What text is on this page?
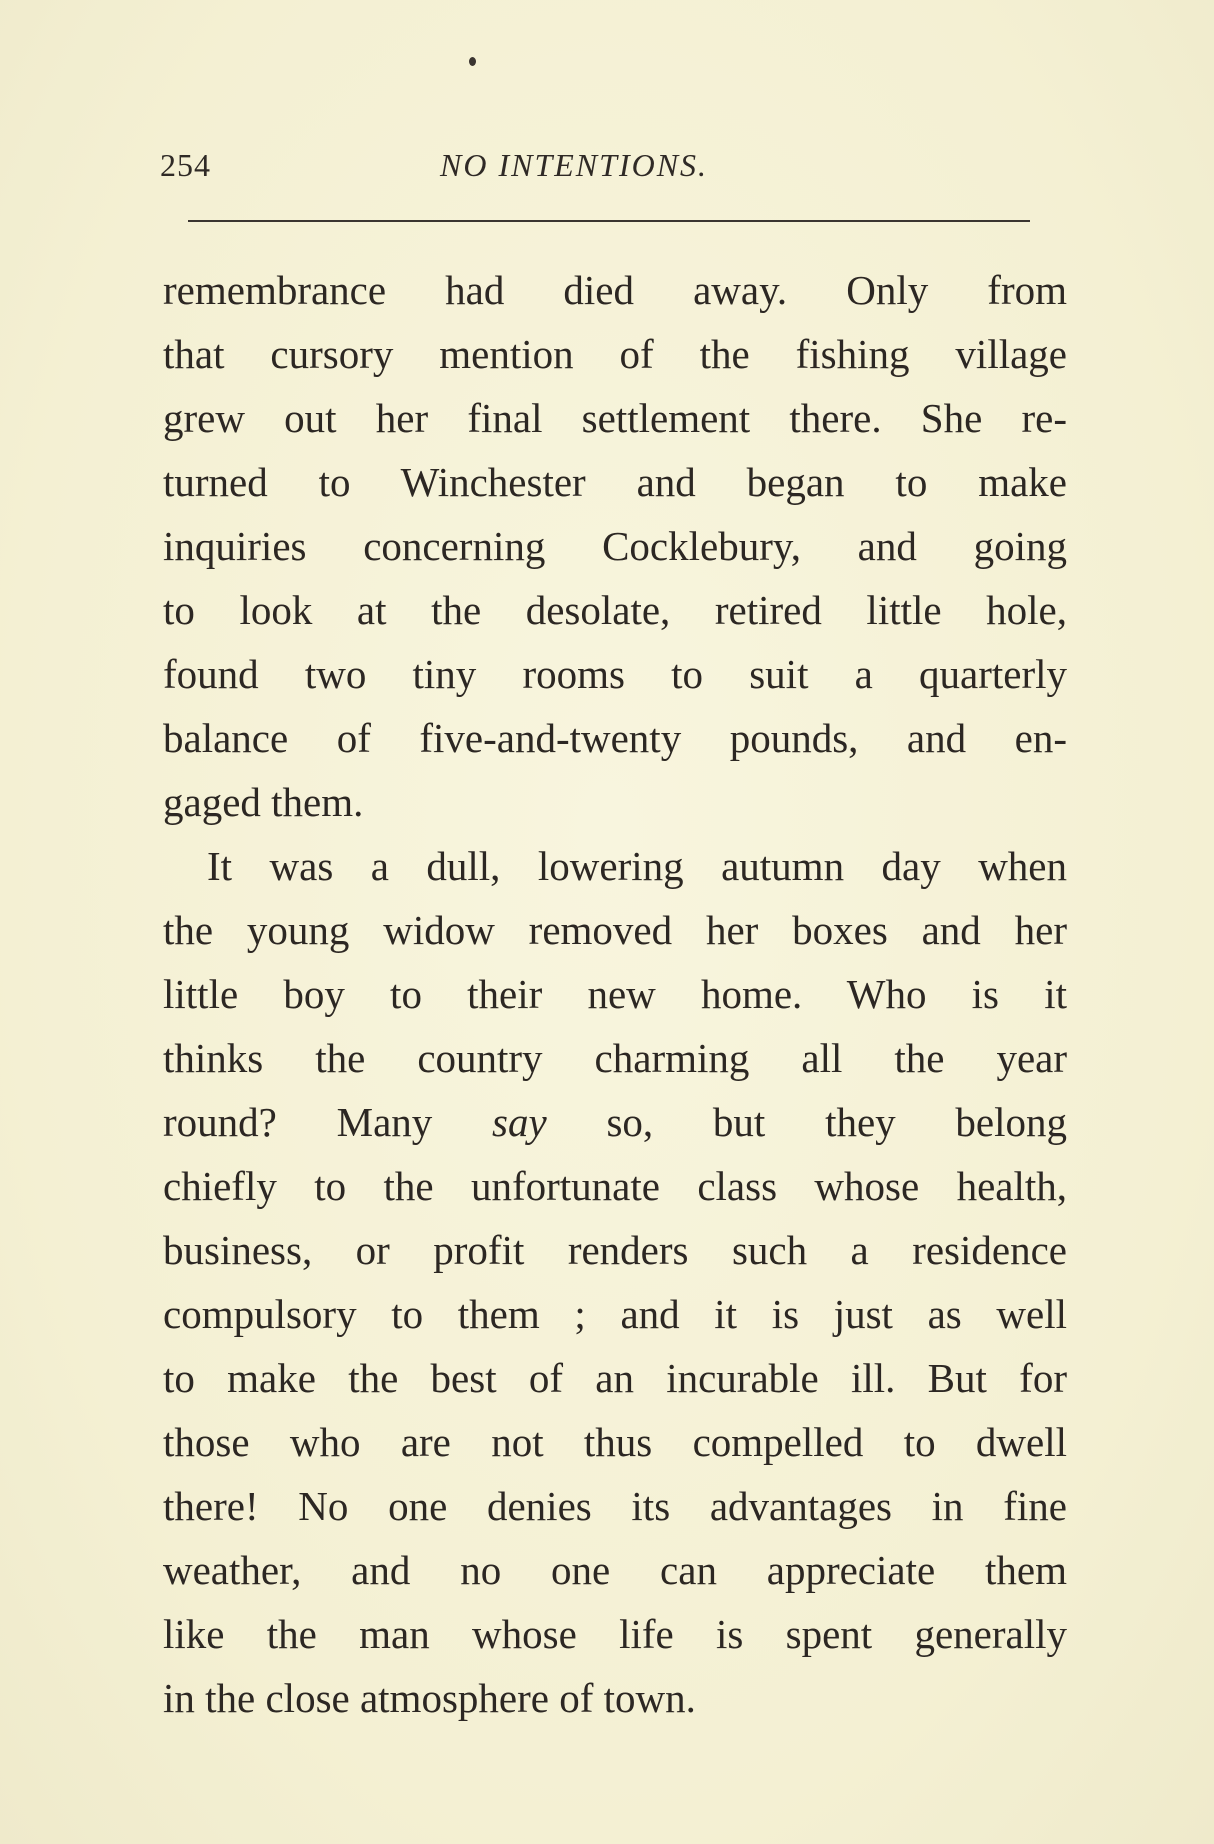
254	NO INTENTIONS.
remembrance had died away. Only from
that cursory mention of the fishing village
grew out her final settlement there. She re-
turned to Winchester and began to make
inquiries concerning Cocklebury, and going
to look at the desolate, retired little hole,
found two tiny rooms to suit a quarterly
balance of five-and-twenty pounds, and en-
gaged them.
It was a dull, lowering autumn day when
the young widow removed her boxes and her
little boy to their new home. Who is it
thinks the country charming all the year
round? Many say so, but they belong
chiefly to the unfortunate class whose health,
business, or profit renders such a residence
compulsory to them ; and it is just as well
to make the best of an incurable ill. But for
those who are not thus compelled to dwell
there! No one denies its advantages in fine
weather, and no one can appreciate them
like the man whose life is spent generally
in the close atmosphere of town.
